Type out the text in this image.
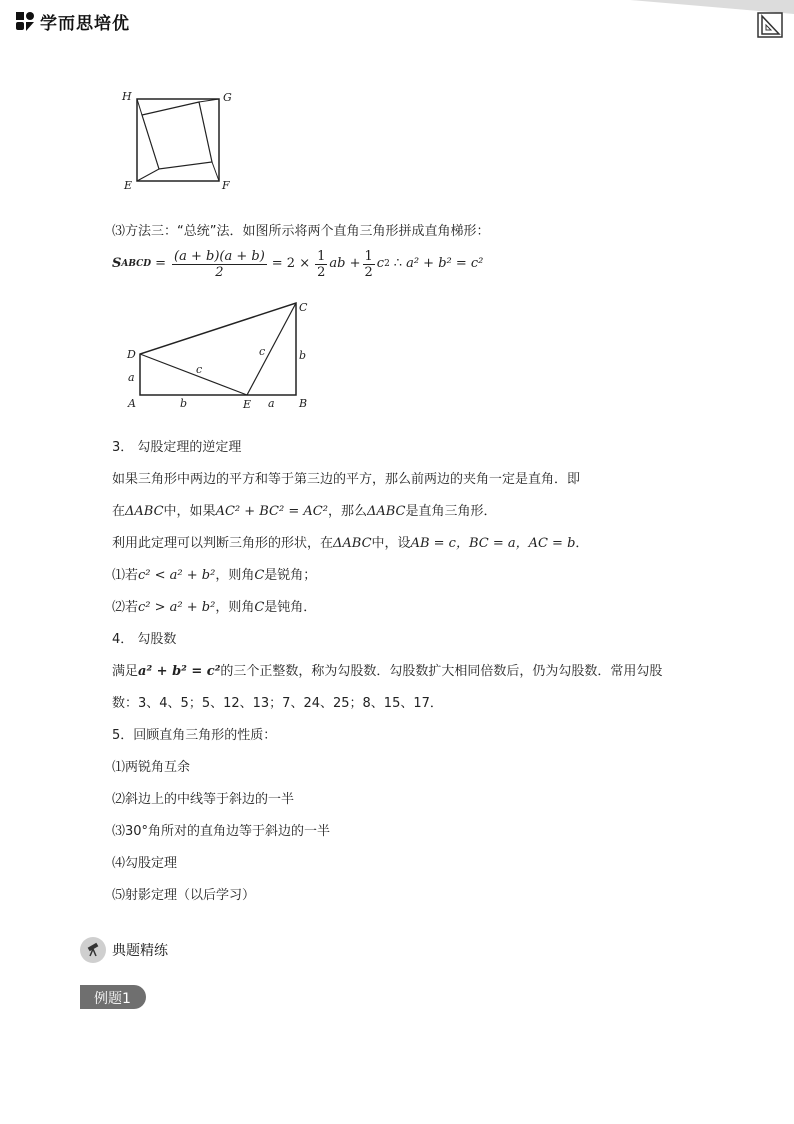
学而思培优
H	G
E	F
⑶方法三：“总统”法．如图所示将两个直角三角形拼成直角梯形：
S ABCD = $\frac{(a + b)(a + b)}{2} = 2 \times \frac{1}{2}$ ab + $\frac{1}{2}$ c 2 ∴ a² + b² = c²
C
D
A	E	B
a
b
c
c
a
b
3． 勾股定理的逆定理
如果三角形中两边的平方和等于第三边的平方，那么前两边的夹角一定是直角．即
在ΔABC中，如果AC² + BC² = AC²，那么ΔABC是直角三角形．
利用此定理可以判断三角形的形状，在ΔABC中，设AB = c，BC = a，AC = b．
⑴若c² < a² + b²，则角C是锐角；
⑵若c² > a² + b²，则角C是钝角．
4． 勾股数
满足a² + b² = c²的三个正整数，称为勾股数．勾股数扩大相同倍数后，仍为勾股数．常用勾股
数：3、4、5；5、12、13；7、24、25；8、15、17．
5．回顾直角三角形的性质：
⑴两锐角互余
⑵斜边上的中线等于斜边的一半
⑶30°角所对的直角边等于斜边的一半
⑷勾股定理
⑸射影定理（以后学习）
典题精练
例题1
